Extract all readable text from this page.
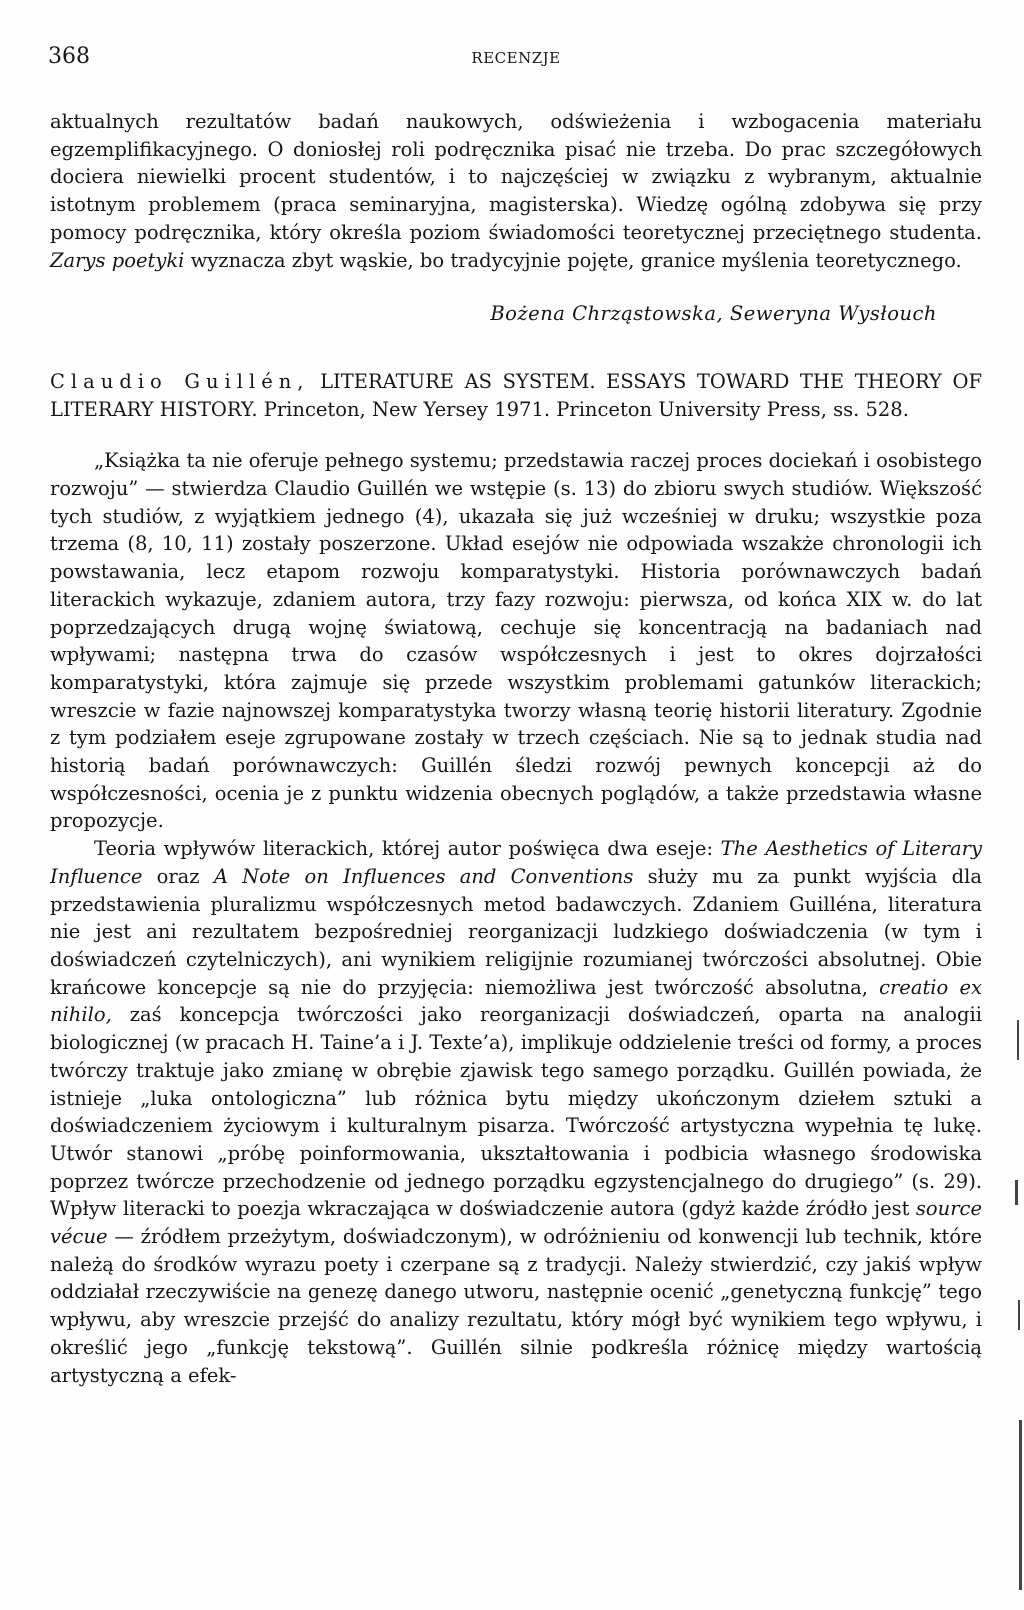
368	RECENZJE

aktualnych rezultatów badań naukowych, odświeżenia i wzbogacenia materiału egzemplifikacyjnego. O doniosłej roli podręcznika pisać nie trzeba. Do prac szczegółowych dociera niewielki procent studentów, i to najczęściej w związku z wybranym, aktualnie istotnym problemem (praca seminaryjna, magisterska). Wiedzę ogólną zdobywa się przy pomocy podręcznika, który określa poziom świadomości teoretycznej przeciętnego studenta. Zarys poetyki wyznacza zbyt wąskie, bo tradycyjnie pojęte, granice myślenia teoretycznego.

Bożena Chrząstowska, Seweryna Wysłouch

Claudio Guillén, LITERATURE AS SYSTEM. ESSAYS TOWARD THE THEORY OF LITERARY HISTORY. Princeton, New Yersey 1971. Princeton University Press, ss. 528.

„Książka ta nie oferuje pełnego systemu; przedstawia raczej proces dociekań i osobistego rozwoju” — stwierdza Claudio Guillén we wstępie (s. 13) do zbioru swych studiów. Większość tych studiów, z wyjątkiem jednego (4), ukazała się już wcześniej w druku; wszystkie poza trzema (8, 10, 11) zostały poszerzone. Układ esejów nie odpowiada wszakże chronologii ich powstawania, lecz etapom rozwoju komparatystyki. Historia porównawczych badań literackich wykazuje, zdaniem autora, trzy fazy rozwoju: pierwsza, od końca XIX w. do lat poprzedzających drugą wojnę światową, cechuje się koncentracją na badaniach nad wpływami; następna trwa do czasów współczesnych i jest to okres dojrzałości komparatystyki, która zajmuje się przede wszystkim problemami gatunków literackich; wreszcie w fazie najnowszej komparatystyka tworzy własną teorię historii literatury. Zgodnie z tym podziałem eseje zgrupowane zostały w trzech częściach. Nie są to jednak studia nad historią badań porównawczych: Guillén śledzi rozwój pewnych koncepcji aż do współczesności, ocenia je z punktu widzenia obecnych poglądów, a także przedstawia własne propozycje.

Teoria wpływów literackich, której autor poświęca dwa eseje: The Aesthetics of Literary Influence oraz A Note on Influences and Conventions służy mu za punkt wyjścia dla przedstawienia pluralizmu współczesnych metod badawczych. Zdaniem Guilléna, literatura nie jest ani rezultatem bezpośredniej reorganizacji ludzkiego doświadczenia (w tym i doświadczeń czytelniczych), ani wynikiem religijnie rozumianej twórczości absolutnej. Obie krańcowe koncepcje są nie do przyjęcia: niemożliwa jest twórczość absolutna, creatio ex nihilo, zaś koncepcja twórczości jako reorganizacji doświadczeń, oparta na analogii biologicznej (w pracach H. Taine’a i J. Texte’a), implikuje oddzielenie treści od formy, a proces twórczy traktuje jako zmianę w obrębie zjawisk tego samego porządku. Guillén powiada, że istnieje „luka ontologiczna” lub różnica bytu między ukończonym dziełem sztuki a doświadczeniem życiowym i kulturalnym pisarza. Twórczość artystyczna wypełnia tę lukę. Utwór stanowi „próbę poinformowania, ukształtowania i podbicia własnego środowiska poprzez twórcze przechodzenie od jednego porządku egzystencjalnego do drugiego” (s. 29). Wpływ literacki to poezja wkraczająca w doświadczenie autora (gdyż każde źródło jest source vécue — źródłem przeżytym, doświadczonym), w odróżnieniu od konwencji lub technik, które należą do środków wyrazu poety i czerpane są z tradycji. Należy stwierdzić, czy jakiś wpływ oddziałał rzeczywiście na genezę danego utworu, następnie ocenić „genetyczną funkcję” tego wpływu, aby wreszcie przejść do analizy rezultatu, który mógł być wynikiem tego wpływu, i określić jego „funkcję tekstową”. Guillén silnie podkreśla różnicę między wartością artystyczną a efek-
